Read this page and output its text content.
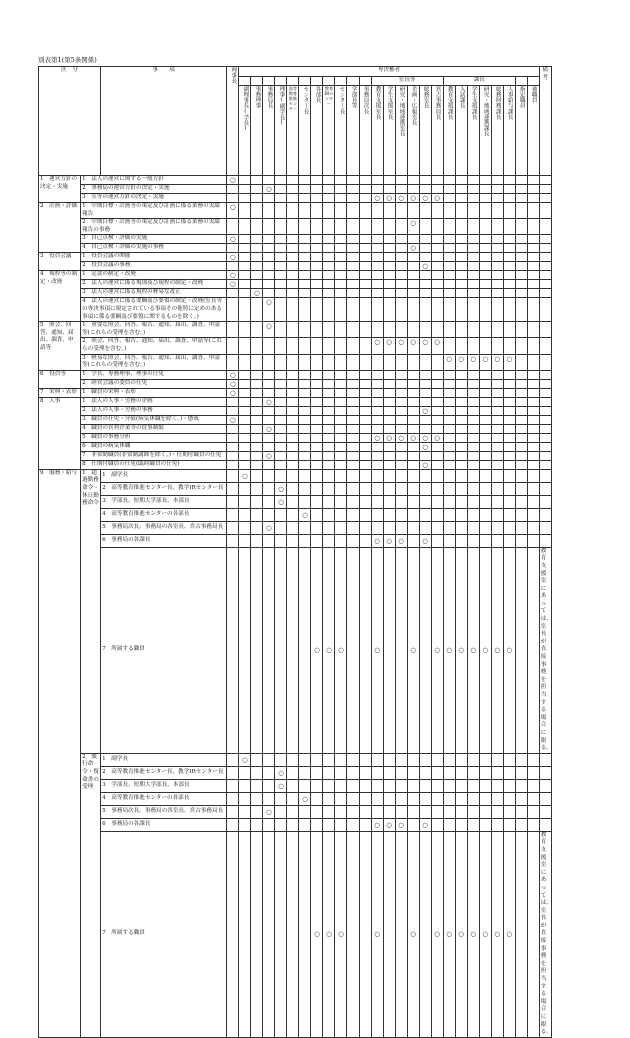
別表第1(第5条関係)
区　分		事　　項	理事長	専決権者																									備　　考
															室長等						課長								
				副理事長(学長)	事務理事	事務局長	理事(副学長)	高等教育推進センター	センター長	各部長	教育IRセンター	センター長	学部長等	事務局次長	教育支援室長	学生支援室長	研究・地域連携室長	企画・広報室長	総務室長	宮古事務局長	教育支援課長	入試課長	学生支援課長	研究・地域連携課長	総務財務課長	人事給与課長	指定職員	被職員	
1　運営方針の決定・実施	1　 法人の運営に関する一般方針		○																										
	2　 事務局の運営方針の決定・実施					○																							
	3　 室等の運営方針の決定・実施														○	○	○	○	○	○									
2　計画・評価	1　 中期目標・計画等の策定及び計画に係る業務の実績報告		○																										
	2　 中期目標・計画等の策定及び計画に係る業務の実績報告の事務																	○											
	3　 自己点検・評価の実施		○																										
	4　 自己点検・評価の実施の事務																	○											
3　役員会議	1　 役員会議の開催		○																										
	2　 役員会議の事務																		○										
4　規程等の制定・改廃	1　 定款の制定・改廃		○																										
	2　 法人の運営に係る規則及び規程の制定・改廃		○																										
	3　 法人の運営に係る規程の軽易な改正				○																								
	4　 法人の運営に係る要綱及び要領の制定・改廃(室長等の専決事項に規定されている事項その他特に定めのある事項に係る要綱及び要領に関するものを除く。)					○																							
5　照会、回答、通知、届出、調査、申請等	1　 重要な照会、回答、報告、通知、届出、調査、申請等(これらの受理を含む。)					○																							
	2　 照会、回答、報告、通知、届出、調査、申請等(これらの受理を含む。)														○	○	○	○	○	○									
	3　 軽易な照会、回答、報告、通知、届出、調査、申請等(これらの受理を含む。)																				○	○	○	○	○	○			
6　役員等	1　 学長、専務理事、理事の任免		○																										
	2　 経営会議の委員の任免		○																										
7　栄典・表彰	1　 職員の栄典・表彰		○																										
8　人事	1　 法人の人事・労務の企画					○																							
	2　 法人の人事・労務の事務																		○										
	3　 職員の任免・分限(病気休職を除く。)・懲戒		○																										
	4　 職員の営利企業等の従事制限					○																							
	5　 職員の事務分担														○	○	○	○	○	○									
	6　 職員の病気休職																		○										
	7　 非常勤職員(非常勤講師を除く。)・任期付職員の任免					○																							
	8　 任期付職員の任免(臨時職員の任免)																		○										
9　服務・給与	1　超過勤務命令・休日勤務命令	1　 副学長		○																									
		2　 高等教育推進センター長、教学IRセンター長					○																						
		3　 学部長、短期大学部長、本部長					○																						
		4　 高等教育推進センターの各部長							○																				
		5　 事務局次長、事務局の各室長、宮古事務局長				○																							
		6　 事務局の各課長													○	○	○		○										
		7　 所属する職員								○	○	○			○			○		○	○	○	○	○	○	○			教育支援室にあっては、室長が直接事務を担当する場合に限る。
	2　旅行命令・復命書の受理	1　 副学長		○																									
		2　 高等教育推進センター長、教学IRセンター長					○																						
		3　 学部長、短期大学部長、本部長					○																						
		4　 高等教育推進センターの各部長							○																				
		5　 事務局次長、事務局の各室長、宮古事務局長				○																							
		6　 事務局の各課長													○	○	○		○										
		7　 所属する職員								○	○	○			○			○		○	○	○	○	○	○	○			教育支援室にあっては、室長が直接事務を担当する場合に限る。
